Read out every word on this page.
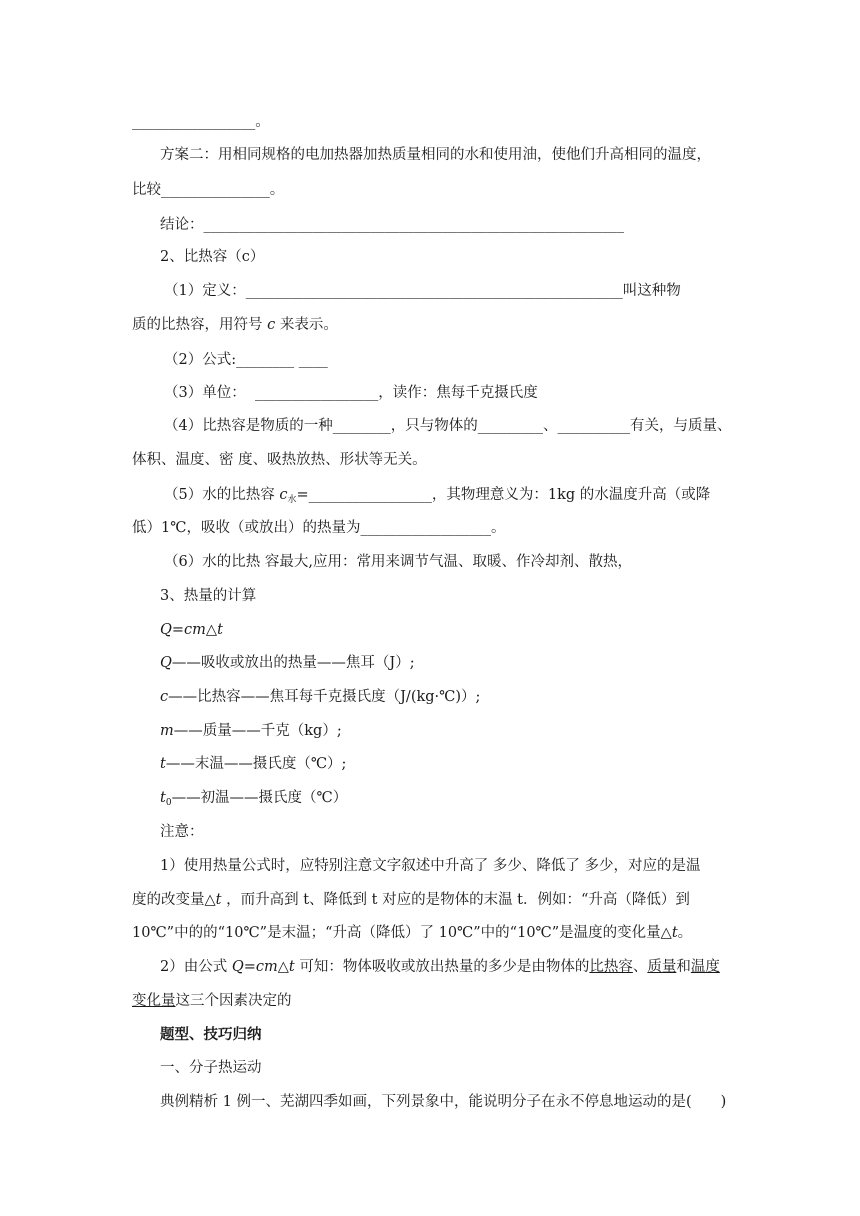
_________________。
方案二：用相同规格的电加热器加热质量相同的水和使用油，使他们升高相同的温度，
比较_______________。
结论：__________________________________________________________
2、比热容（c）
（1）定义：____________________________________________________叫这种物
质的比热容，用符号 c 来表示。
（2）公式:________ ____
（3）单位：  _________________，读作：焦每千克摄氏度
（4）比热容是物质的一种________，只与物体的_________、__________有关，与质量、
体积、温度、密 度、吸热放热、形状等无关。
（5）水的比热容 $c_水=\_\_\_\_\_\_\_\_\_\_\_\_\_\_\_\_\_$，其物理意义为：1kg 的水温度升高（或降
低）1℃，吸收（或放出）的热量为__________________。
（6）水的比热 容最大,应用：常用来调节气温、取暖、作冷却剂、散热，
3、热量的计算
Q=cm△t
Q——吸收或放出的热量——焦耳（J）;
c——比热容——焦耳每千克摄氏度（J/(kg·℃)）;
m——质量——千克（kg）;
t——末温——摄氏度（℃）;
$t_0——$初温——摄氏度（℃）
注意：
1）使用热量公式时，应特别注意文字叙述中升高了 多少、降低了 多少，对应的是温
度的改变量△t ，而升高到 t、降低到 t 对应的是物体的末温 t．例如：“升高（降低）到
10℃”中的的“10℃”是末温；“升高（降低）了 10℃”中的“10℃”是温度的变化量△t。
2）由公式 Q=cm△t 可知：物体吸收或放出热量的多少是由物体的比热容、质量和温度
变化量这三个因素决定的
题型、技巧归纳
一、分子热运动
典例精析 1 例一、芜湖四季如画，下列景象中，能说明分子在永不停息地运动的是(　　)
